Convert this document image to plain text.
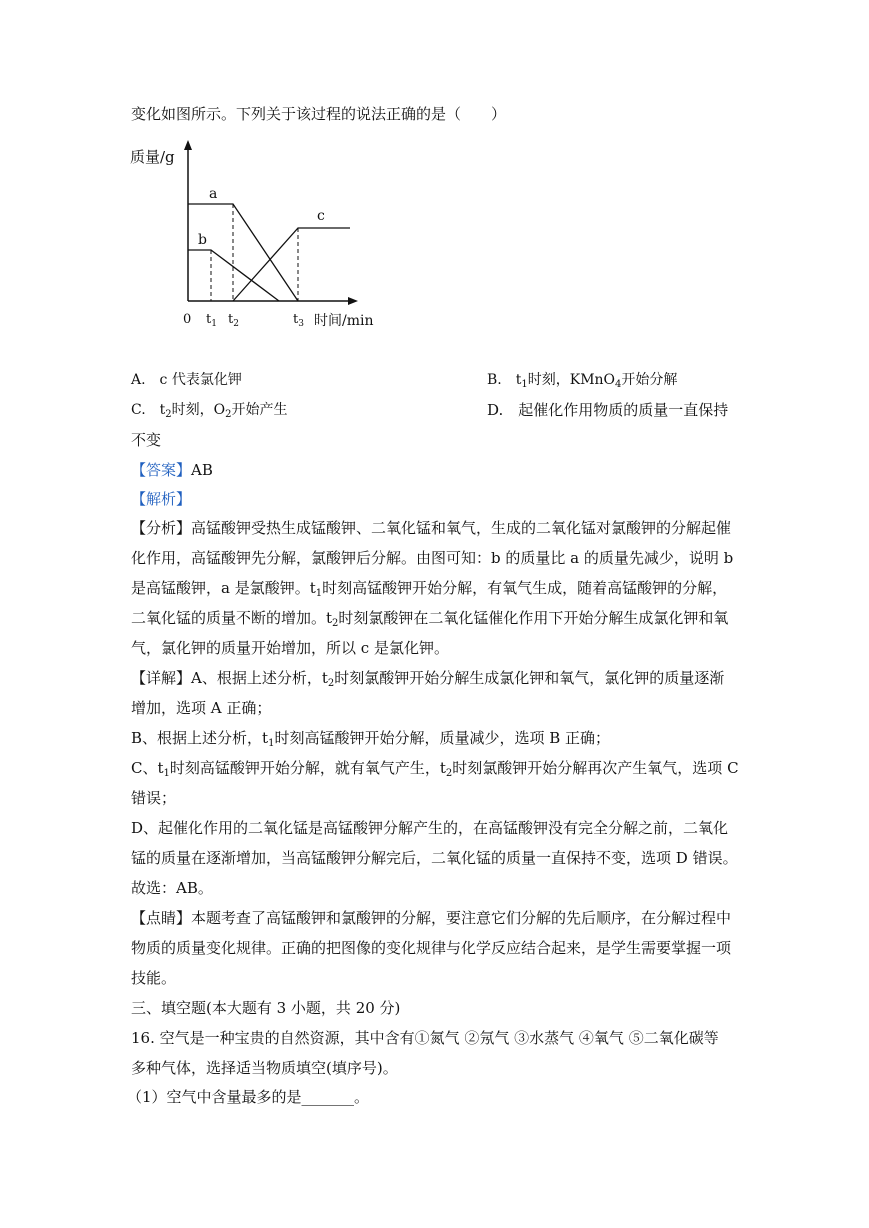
变化如图所示。下列关于该过程的说法正确的是（　　）
质量/g
a
b
c
0 $t_1$ $t_2$	$t_3$ 时间/min
A.　c 代表氯化钾	B.　$t_1$时刻，KMnO$_4$开始分解
C.　$t_2$时刻，$O_2$开始产生	D.　起催化作用物质的质量一直保持
不变
【答案】AB
【解析】
【分析】高锰酸钾受热生成锰酸钾、二氧化锰和氧气，生成的二氧化锰对氯酸钾的分解起催
化作用，高锰酸钾先分解，氯酸钾后分解。由图可知：b 的质量比 a 的质量先减少，说明 b
是高锰酸钾，a 是氯酸钾。$t_1$时刻高锰酸钾开始分解，有氧气生成，随着高锰酸钾的分解，
二氧化锰的质量不断的增加。$t_2$时刻氯酸钾在二氧化锰催化作用下开始分解生成氯化钾和氧
气，氯化钾的质量开始增加，所以 c 是氯化钾。
【详解】A、根据上述分析，$t_2$时刻氯酸钾开始分解生成氯化钾和氧气，氯化钾的质量逐渐
增加，选项 A 正确；
B、根据上述分析，$t_1$时刻高锰酸钾开始分解，质量减少，选项 B 正确；
C、$t_1$时刻高锰酸钾开始分解，就有氧气产生，$t_2$时刻氯酸钾开始分解再次产生氧气，选项 C
错误；
D、起催化作用的二氧化锰是高锰酸钾分解产生的，在高锰酸钾没有完全分解之前，二氧化
锰的质量在逐渐增加，当高锰酸钾分解完后，二氧化锰的质量一直保持不变，选项 D 错误。
故选：AB。
【点睛】本题考查了高锰酸钾和氯酸钾的分解，要注意它们分解的先后顺序，在分解过程中
物质的质量变化规律。正确的把图像的变化规律与化学反应结合起来，是学生需要掌握一项
技能。
三、填空题(本大题有 3 小题，共 20 分)
16. 空气是一种宝贵的自然资源，其中含有①氮气 ②氖气 ③水蒸气 ④氧气 ⑤二氧化碳等
多种气体，选择适当物质填空(填序号)。
（1）空气中含量最多的是_______。
